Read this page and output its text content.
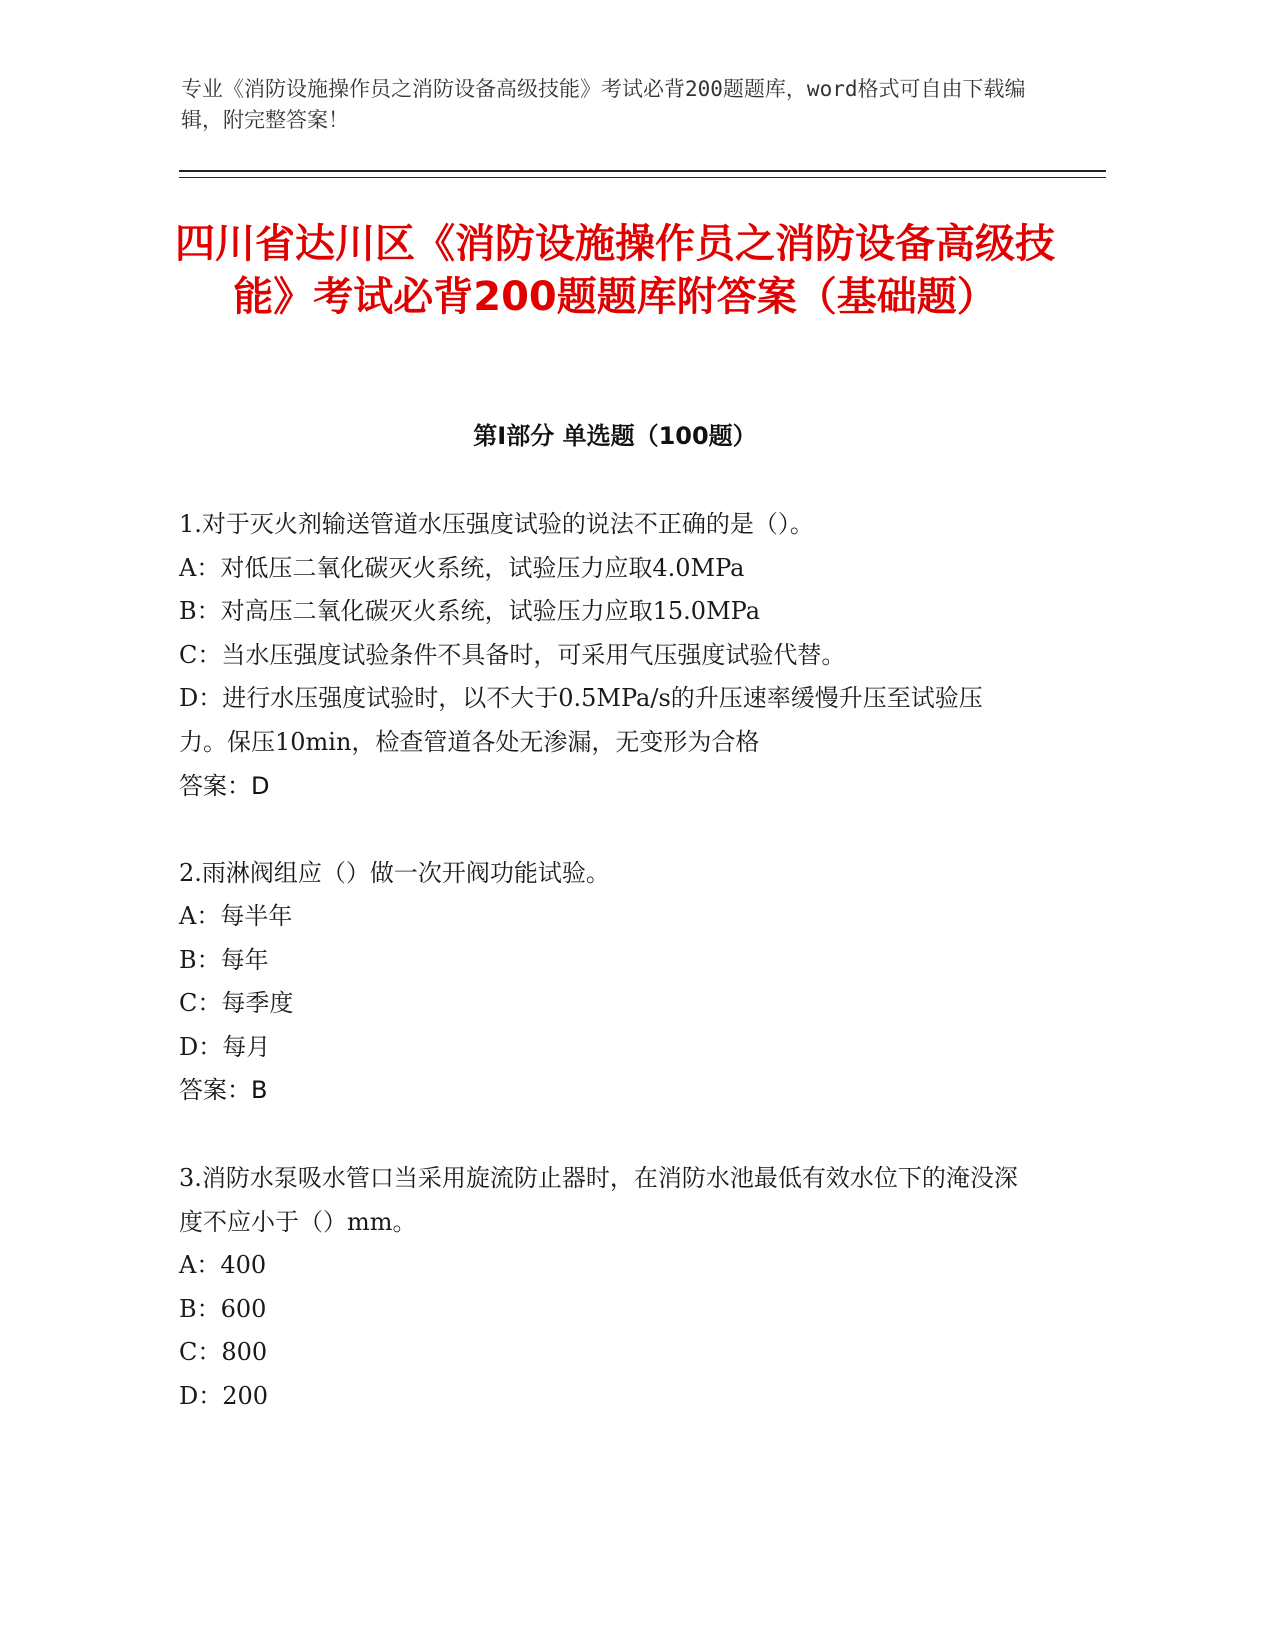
专业《消防设施操作员之消防设备高级技能》考试必背200题题库，word格式可自由下载编辑，附完整答案！

四川省达川区《消防设施操作员之消防设备高级技能》考试必背200题题库附答案（基础题）
第I部分 单选题（100题）

1.对于灭火剂输送管道水压强度试验的说法不正确的是（）。

A：对低压二氧化碳灭火系统，试验压力应取4.0MPa

B：对高压二氧化碳灭火系统，试验压力应取15.0MPa

C：当水压强度试验条件不具备时，可采用气压强度试验代替。

D：进行水压强度试验时，以不大于0.5MPa/s的升压速率缓慢升压至试验压力。保压10min，检查管道各处无渗漏，无变形为合格

答案：D

2.雨淋阀组应（）做一次开阀功能试验。

A：每半年

B：每年

C：每季度

D：每月

答案：B

3.消防水泵吸水管口当采用旋流防止器时，在消防水池最低有效水位下的淹没深度不应小于（）mm。

A：400

B：600

C：800

D：200
